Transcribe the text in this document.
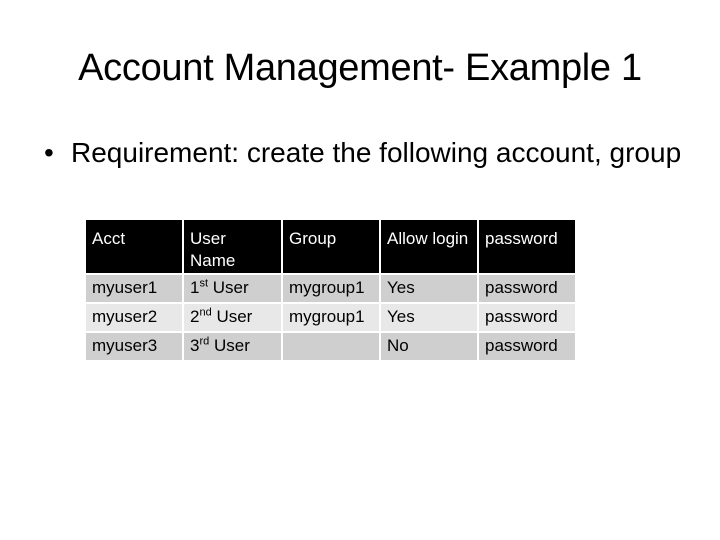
Account Management- Example 1
• Requirement: create the following account, group
Acct	User Name	Group	Allow login	password
myuser1	1st User	mygroup1	Yes	password
myuser2	2nd User	mygroup1	Yes	password
myuser3	3rd User		No	password
